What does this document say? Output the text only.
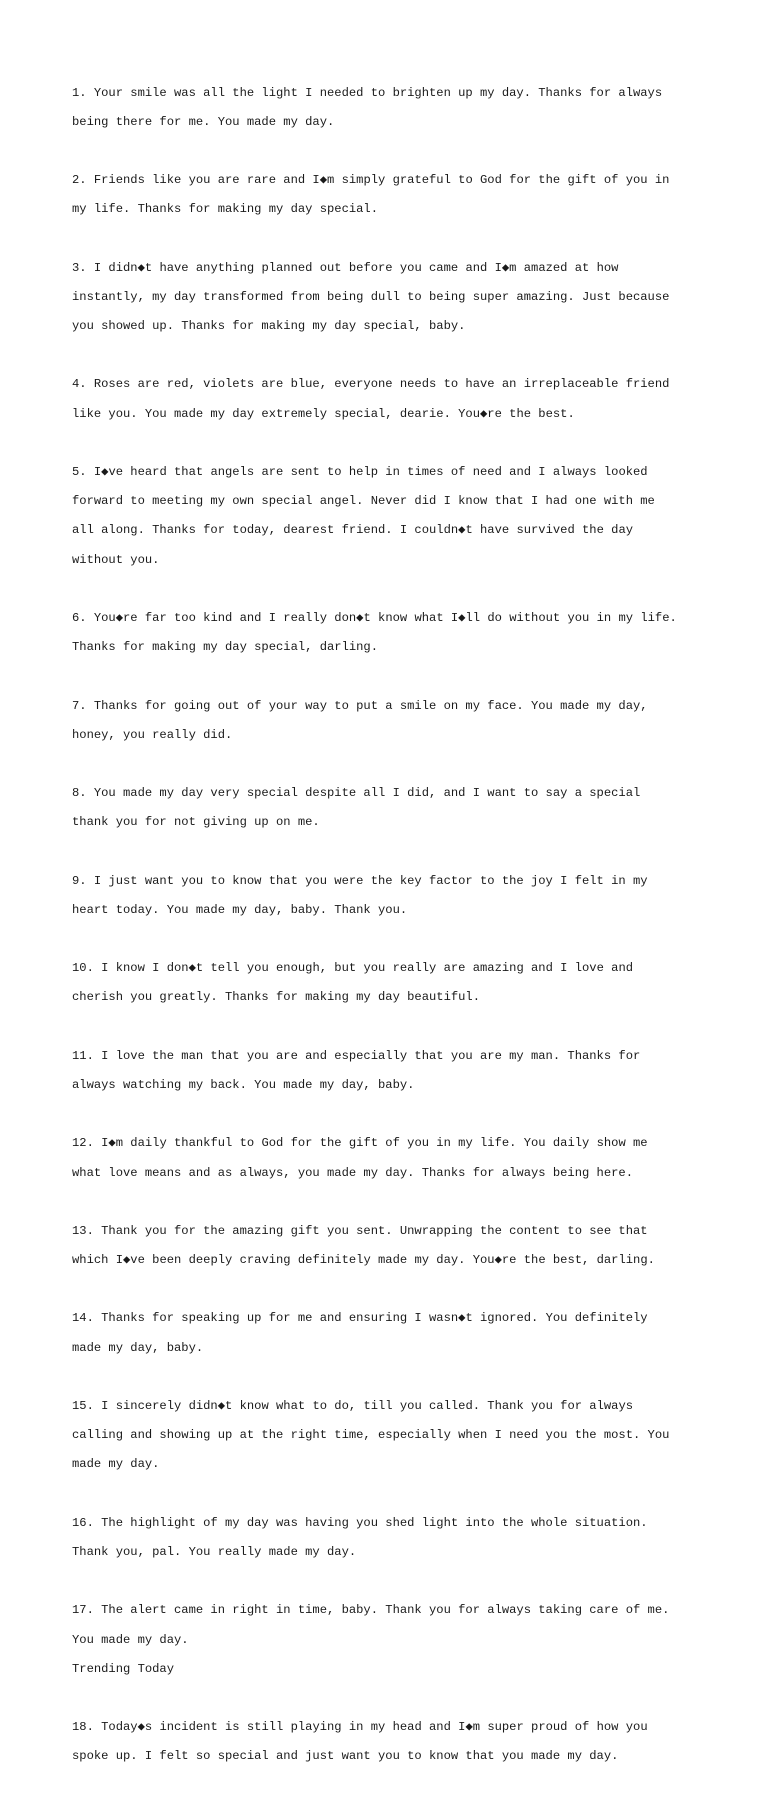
1. Your smile was all the light I needed to brighten up my day. Thanks for always

being there for me. You made my day.

2. Friends like you are rare and I◆m simply grateful to God for the gift of you in

my life. Thanks for making my day special.

3. I didn◆t have anything planned out before you came and I◆m amazed at how

instantly, my day transformed from being dull to being super amazing. Just because

you showed up. Thanks for making my day special, baby.

4. Roses are red, violets are blue, everyone needs to have an irreplaceable friend

like you. You made my day extremely special, dearie. You◆re the best.

5. I◆ve heard that angels are sent to help in times of need and I always looked

forward to meeting my own special angel. Never did I know that I had one with me

all along. Thanks for today, dearest friend. I couldn◆t have survived the day

without you.

6. You◆re far too kind and I really don◆t know what I◆ll do without you in my life.

Thanks for making my day special, darling.

7. Thanks for going out of your way to put a smile on my face. You made my day,

honey, you really did.

8. You made my day very special despite all I did, and I want to say a special

thank you for not giving up on me.

9. I just want you to know that you were the key factor to the joy I felt in my

heart today. You made my day, baby. Thank you.

10. I know I don◆t tell you enough, but you really are amazing and I love and

cherish you greatly. Thanks for making my day beautiful.

11. I love the man that you are and especially that you are my man. Thanks for

always watching my back. You made my day, baby.

12. I◆m daily thankful to God for the gift of you in my life. You daily show me

what love means and as always, you made my day. Thanks for always being here.

13. Thank you for the amazing gift you sent. Unwrapping the content to see that

which I◆ve been deeply craving definitely made my day. You◆re the best, darling.

14. Thanks for speaking up for me and ensuring I wasn◆t ignored. You definitely

made my day, baby.

15. I sincerely didn◆t know what to do, till you called. Thank you for always

calling and showing up at the right time, especially when I need you the most. You

made my day.

16. The highlight of my day was having you shed light into the whole situation.

Thank you, pal. You really made my day.

17. The alert came in right in time, baby. Thank you for always taking care of me.

You made my day.

Trending Today

18. Today◆s incident is still playing in my head and I◆m super proud of how you

spoke up. I felt so special and just want you to know that you made my day.
